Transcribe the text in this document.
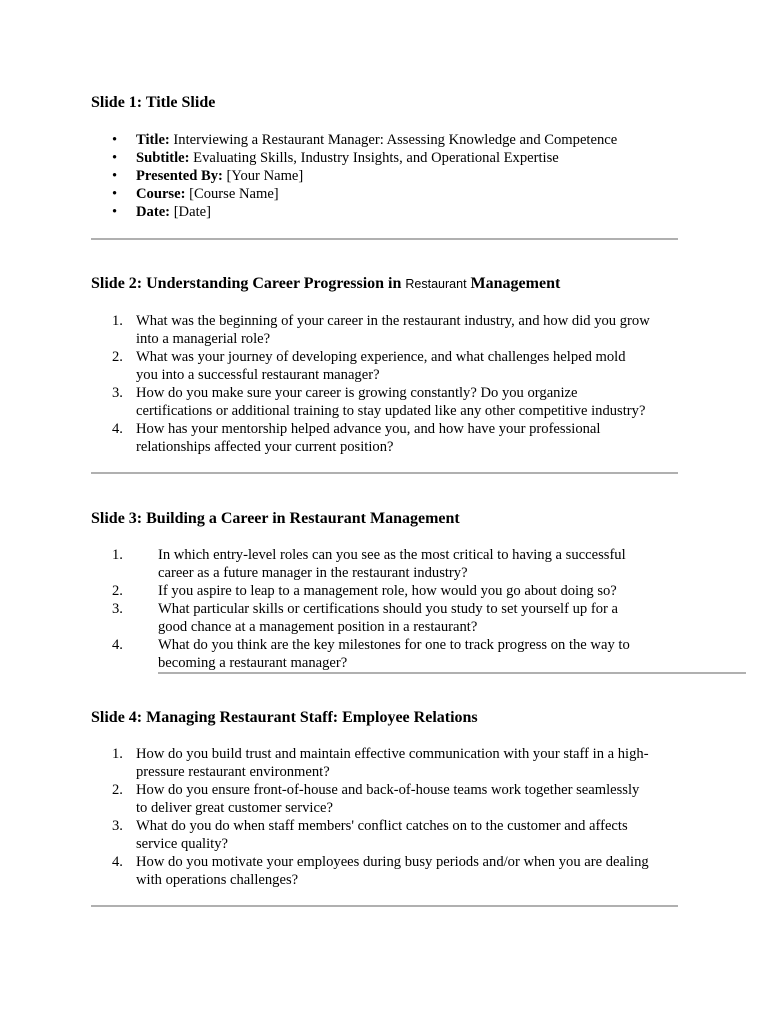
Slide 1: Title Slide
• Title: Interviewing a Restaurant Manager: Assessing Knowledge and Competence
• Subtitle: Evaluating Skills, Industry Insights, and Operational Expertise
• Presented By: [Your Name]
• Course: [Course Name]
• Date: [Date]
Slide 2: Understanding Career Progression in Restaurant Management
1. What was the beginning of your career in the restaurant industry, and how did you grow into a managerial role?
2. What was your journey of developing experience, and what challenges helped mold you into a successful restaurant manager?
3. How do you make sure your career is growing constantly? Do you organize certifications or additional training to stay updated like any other competitive industry?
4. How has your mentorship helped advance you, and how have your professional relationships affected your current position?
Slide 3: Building a Career in Restaurant Management
1. In which entry-level roles can you see as the most critical to having a successful career as a future manager in the restaurant industry?
2. If you aspire to leap to a management role, how would you go about doing so?
3. What particular skills or certifications should you study to set yourself up for a good chance at a management position in a restaurant?
4. What do you think are the key milestones for one to track progress on the way to becoming a restaurant manager?
Slide 4: Managing Restaurant Staff: Employee Relations
1. How do you build trust and maintain effective communication with your staff in a high-pressure restaurant environment?
2. How do you ensure front-of-house and back-of-house teams work together seamlessly to deliver great customer service?
3. What do you do when staff members' conflict catches on to the customer and affects service quality?
4. How do you motivate your employees during busy periods and/or when you are dealing with operations challenges?
